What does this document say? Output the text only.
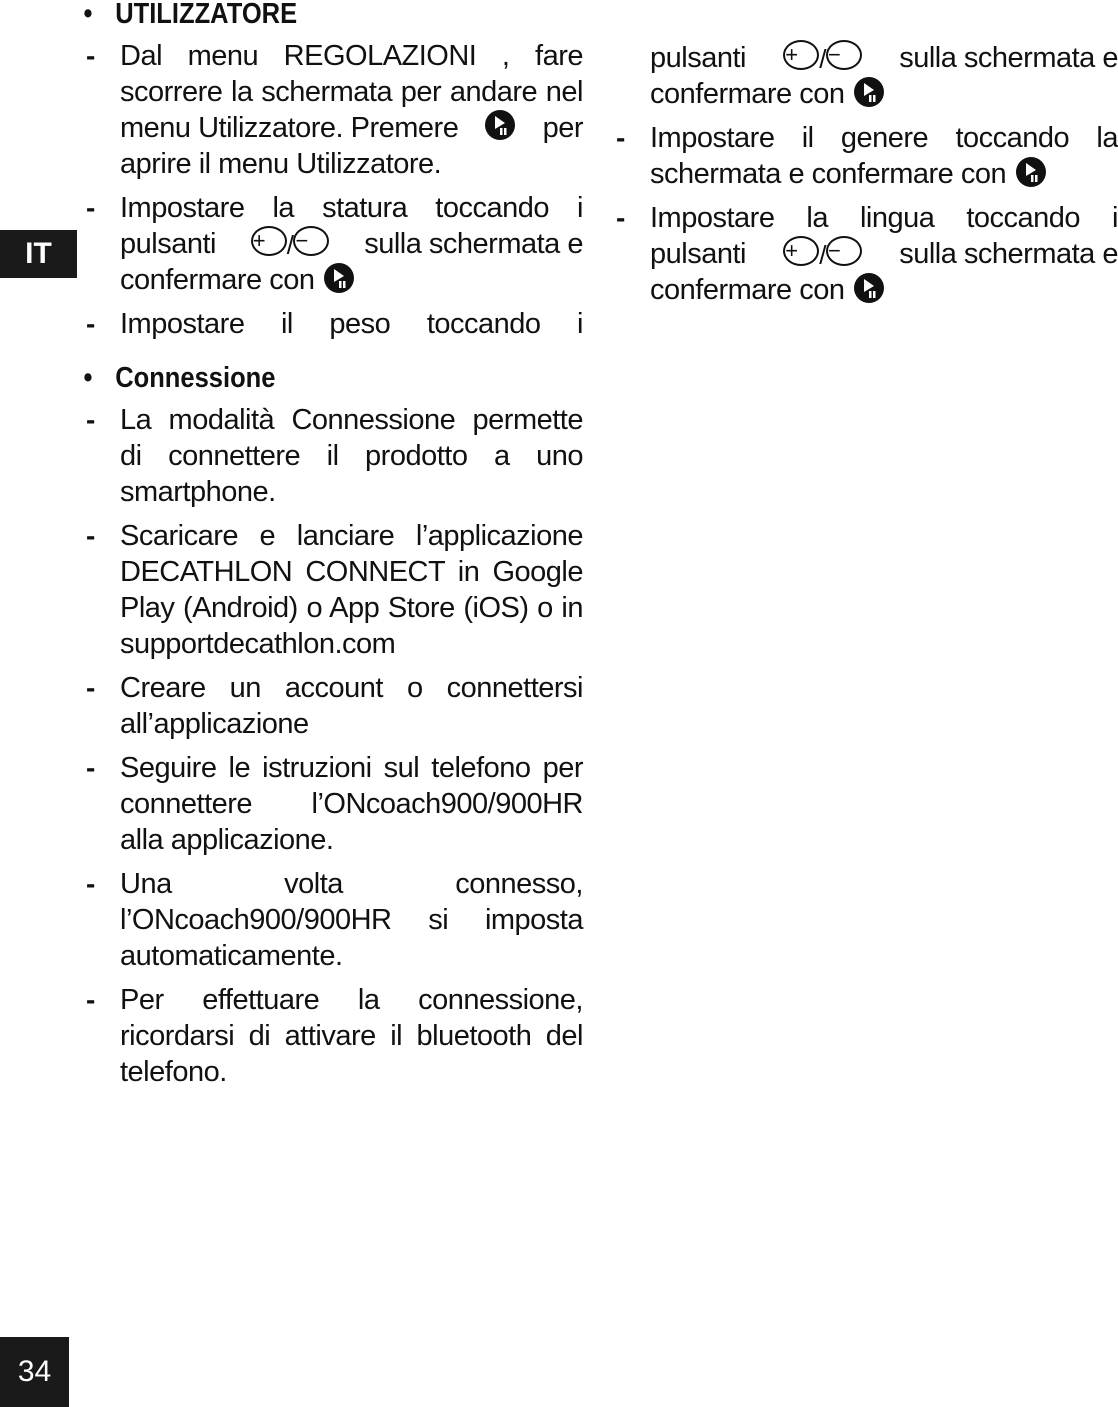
IT
34
• UTILIZZATORE
- Dal menu REGOLAZIONI , fare
scorrere la schermata per andare nel
menu Utilizzatore. Premere	per
aprire il menu Utilizzatore.
- Impostare la statura toccando i
pulsanti + /−	sulla schermata e
confermare con
- Impostare il peso toccando i
• Connessione
- La modalità Connessione permette
di connettere il prodotto a uno
smartphone.
- Scaricare e lanciare l’applicazione
DECATHLON CONNECT in Google
Play (Android) o App Store (iOS) o in
supportdecathlon.com
- Creare un account o connettersi
all’applicazione
- Seguire le istruzioni sul telefono per
connettere l’ONcoach900/900HR
alla applicazione.
- Una volta connesso,
l’ONcoach900/900HR si imposta
automaticamente.
- Per effettuare la connessione,
ricordarsi di attivare il bluetooth del
telefono.
pulsanti + /−	sulla schermata e
confermare con
- Impostare il genere toccando la
schermata e confermare con
- Impostare la lingua toccando i
pulsanti + /−	sulla schermata e
confermare con
